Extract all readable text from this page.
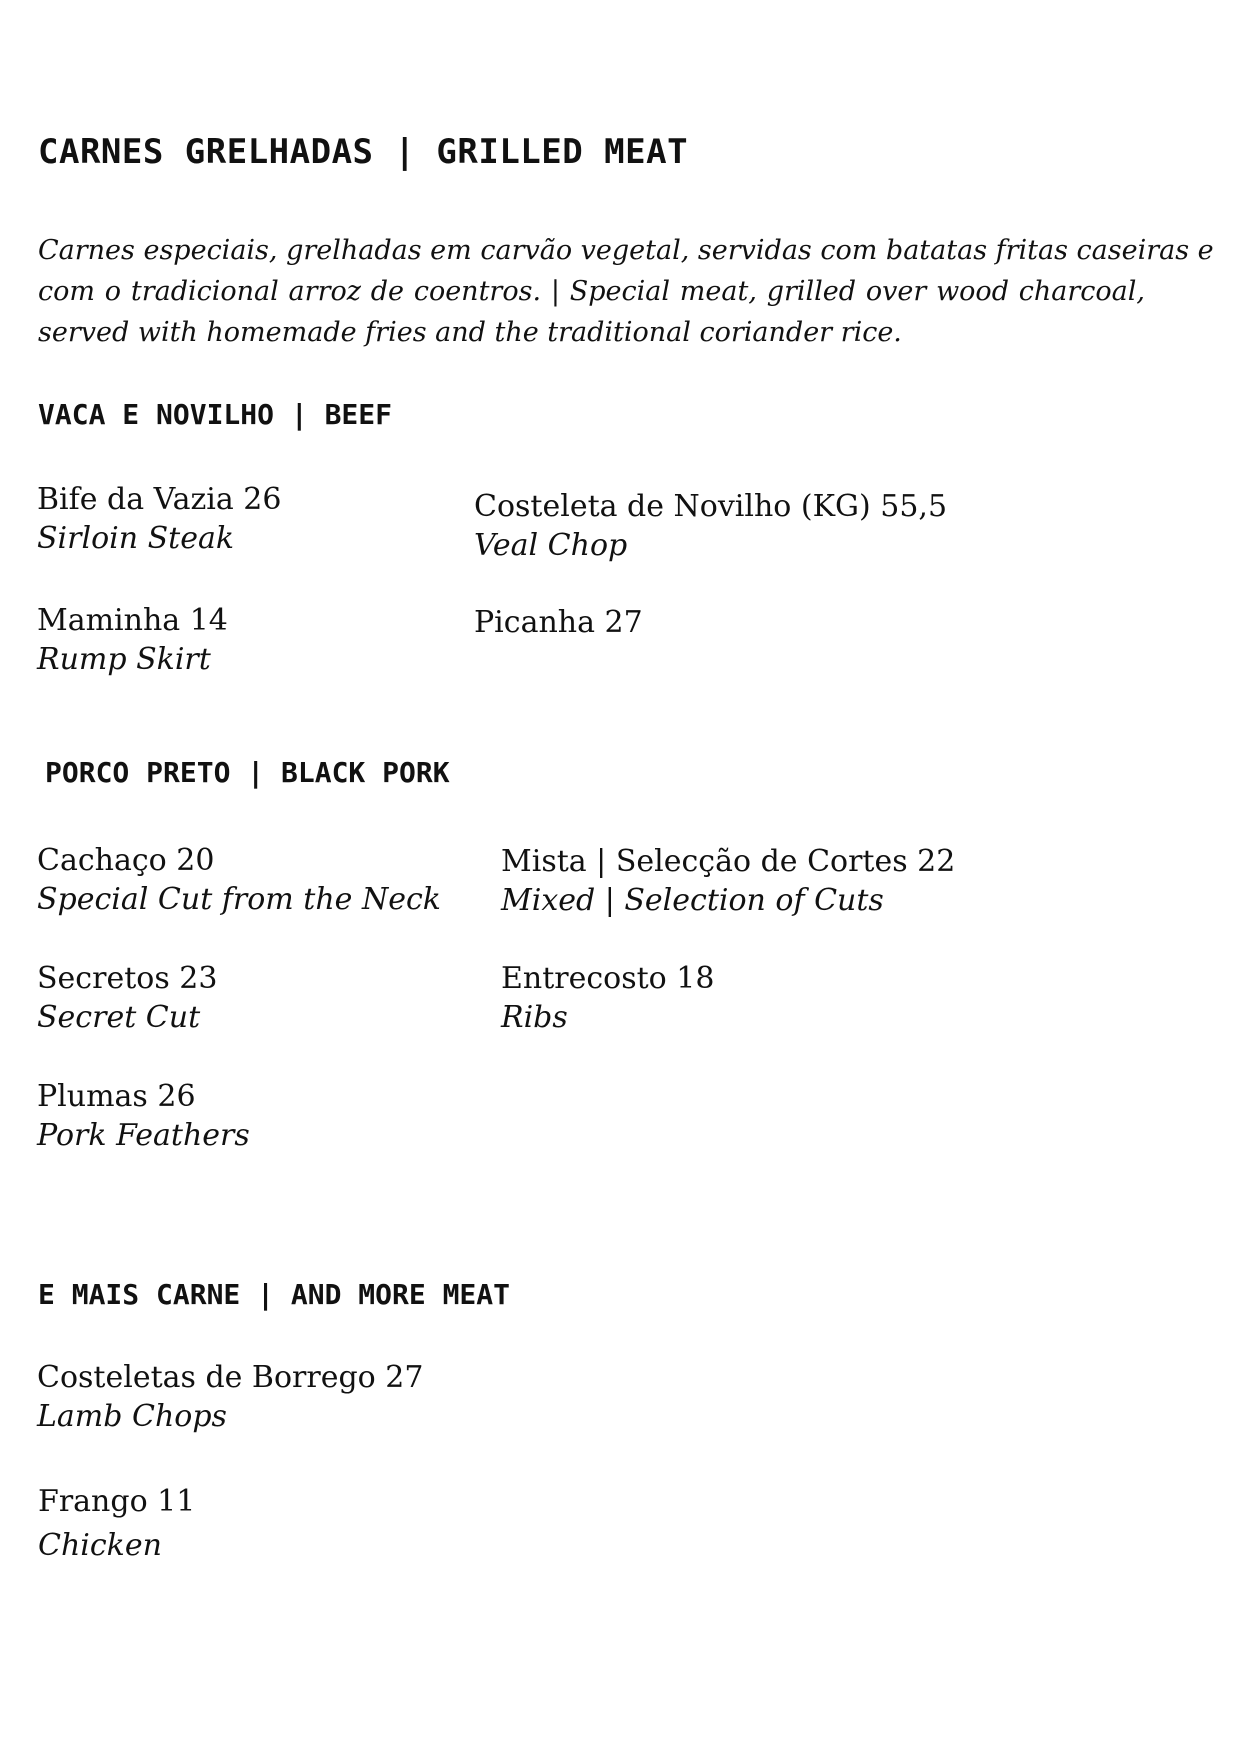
CARNES GRELHADAS | GRILLED MEAT

Carnes especiais, grelhadas em carvão vegetal, servidas com batatas fritas caseiras e
com o tradicional arroz de coentros. | Special meat, grilled over wood charcoal,
served with homemade fries and the traditional coriander rice.

VACA E NOVILHO | BEEF
Bife da Vazia 26
Sirloin Steak
Costeleta de Novilho (KG) 55,5
Veal Chop
Maminha 14
Rump Skirt
Picanha 27
PORCO PRETO | BLACK PORK
Cachaço 20
Special Cut from the Neck
Mista | Selecção de Cortes 22
Mixed | Selection of Cuts
Secretos 23
Secret Cut
Entrecosto 18
Ribs
Plumas 26
Pork Feathers
E MAIS CARNE | AND MORE MEAT
Costeletas de Borrego 27
Lamb Chops
Frango 11
Chicken
